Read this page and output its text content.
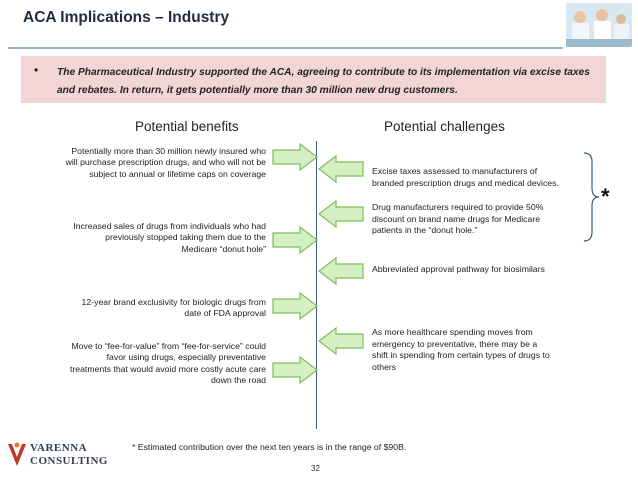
ACA Implications – Industry
• The Pharmaceutical Industry supported the ACA, agreeing to contribute to its implementation via excise taxes and rebates. In return, it gets potentially more than 30 million new drug customers.
Potential benefits	Potential challenges
Potentially more than 30 million newly insured who
will purchase prescription drugs, and who will not be
subject to annual or lifetime caps on coverage
Increased sales of drugs from individuals who had
previously stopped taking them due to the
Medicare “donut hole”
12-year brand exclusivity for biologic drugs from
date of FDA approval
Move to “fee-for-value” from “fee-for-service” could
favor using drugs, especially preventative
treatments that would avoid more costly acute care
down the road
Excise taxes assessed to manufacturers of
branded prescription drugs and medical devices.
Drug manufacturers required to provide 50%
discount on brand name drugs for Medicare
patients in the “donut hole.”
Abbreviated approval pathway for biosimilars
As more healthcare spending moves from
emergency to preventative, there may be a
shift in spending from certain types of drugs to
others
*
* Estimated contribution over the next ten years is in the range of $90B.
32
VARENNA
CONSULTING
